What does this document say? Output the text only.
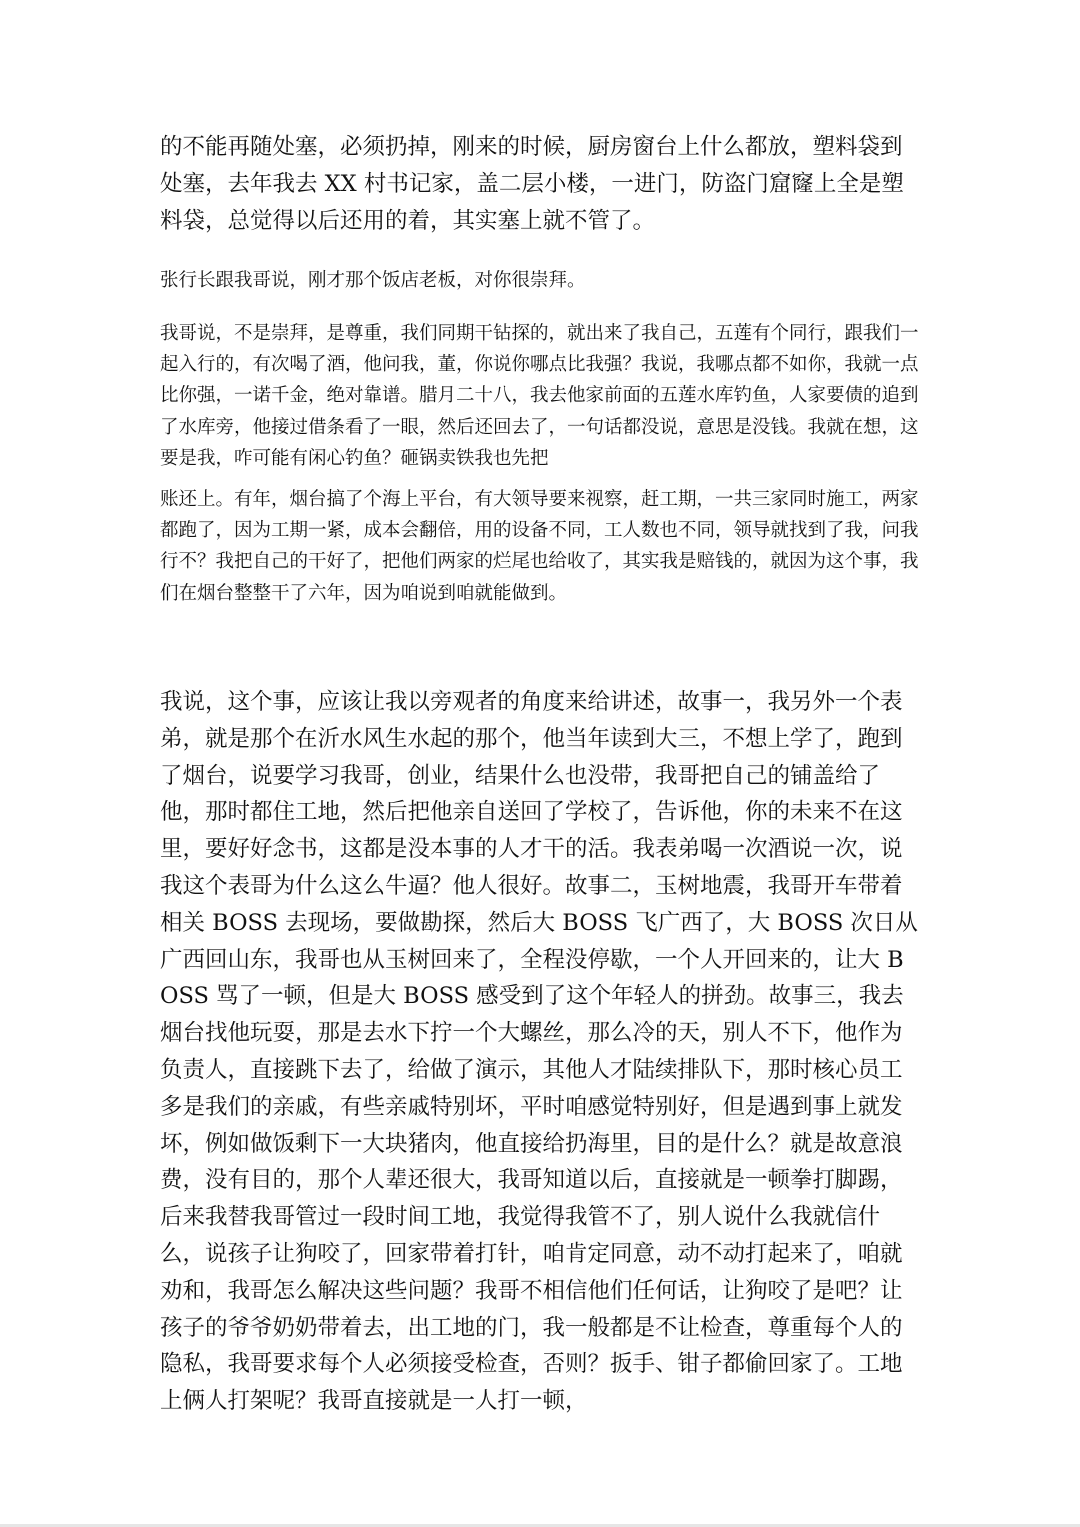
的不能再随处塞，必须扔掉，刚来的时候，厨房窗台上什么都放，塑料袋到处塞，去年我去 XX 村书记家，盖二层小楼，一进门，防盗门窟窿上全是塑料袋，总觉得以后还用的着，其实塞上就不管了。

张行长跟我哥说，刚才那个饭店老板，对你很崇拜。

我哥说，不是崇拜，是尊重，我们同期干钻探的，就出来了我自己，五莲有个同行，跟我们一起入行的，有次喝了酒，他问我，董，你说你哪点比我强？我说，我哪点都不如你，我就一点比你强，一诺千金，绝对靠谱。腊月二十八，我去他家前面的五莲水库钓鱼，人家要债的追到了水库旁，他接过借条看了一眼，然后还回去了，一句话都没说，意思是没钱。我就在想，这要是我，咋可能有闲心钓鱼？砸锅卖铁我也先把

账还上。有年，烟台搞了个海上平台，有大领导要来视察，赶工期，一共三家同时施工，两家都跑了，因为工期一紧，成本会翻倍，用的设备不同，工人数也不同，领导就找到了我，问我行不？我把自己的干好了，把他们两家的烂尾也给收了，其实我是赔钱的，就因为这个事，我们在烟台整整干了六年，因为咱说到咱就能做到。

我说，这个事，应该让我以旁观者的角度来给讲述，故事一，我另外一个表弟，就是那个在沂水风生水起的那个，他当年读到大三，不想上学了，跑到了烟台，说要学习我哥，创业，结果什么也没带，我哥把自己的铺盖给了他，那时都住工地，然后把他亲自送回了学校了，告诉他，你的未来不在这里，要好好念书，这都是没本事的人才干的活。我表弟喝一次酒说一次，说我这个表哥为什么这么牛逼？他人很好。故事二，玉树地震，我哥开车带着相关 BOSS 去现场，要做勘探，然后大 BOSS 飞广西了，大 BOSS 次日从广西回山东，我哥也从玉树回来了，全程没停歇，一个人开回来的，让大 BOSS 骂了一顿，但是大 BOSS 感受到了这个年轻人的拼劲。故事三，我去烟台找他玩耍，那是去水下拧一个大螺丝，那么冷的天，别人不下，他作为负责人，直接跳下去了，给做了演示，其他人才陆续排队下，那时核心员工多是我们的亲戚，有些亲戚特别坏，平时咱感觉特别好，但是遇到事上就发坏，例如做饭剩下一大块猪肉，他直接给扔海里，目的是什么？就是故意浪费，没有目的，那个人辈还很大，我哥知道以后，直接就是一顿拳打脚踢，后来我替我哥管过一段时间工地，我觉得我管不了，别人说什么我就信什么，说孩子让狗咬了，回家带着打针，咱肯定同意，动不动打起来了，咱就劝和，我哥怎么解决这些问题？我哥不相信他们任何话，让狗咬了是吧？让孩子的爷爷奶奶带着去，出工地的门，我一般都是不让检查，尊重每个人的隐私，我哥要求每个人必须接受检查，否则？扳手、钳子都偷回家了。工地上俩人打架呢？我哥直接就是一人打一顿，
